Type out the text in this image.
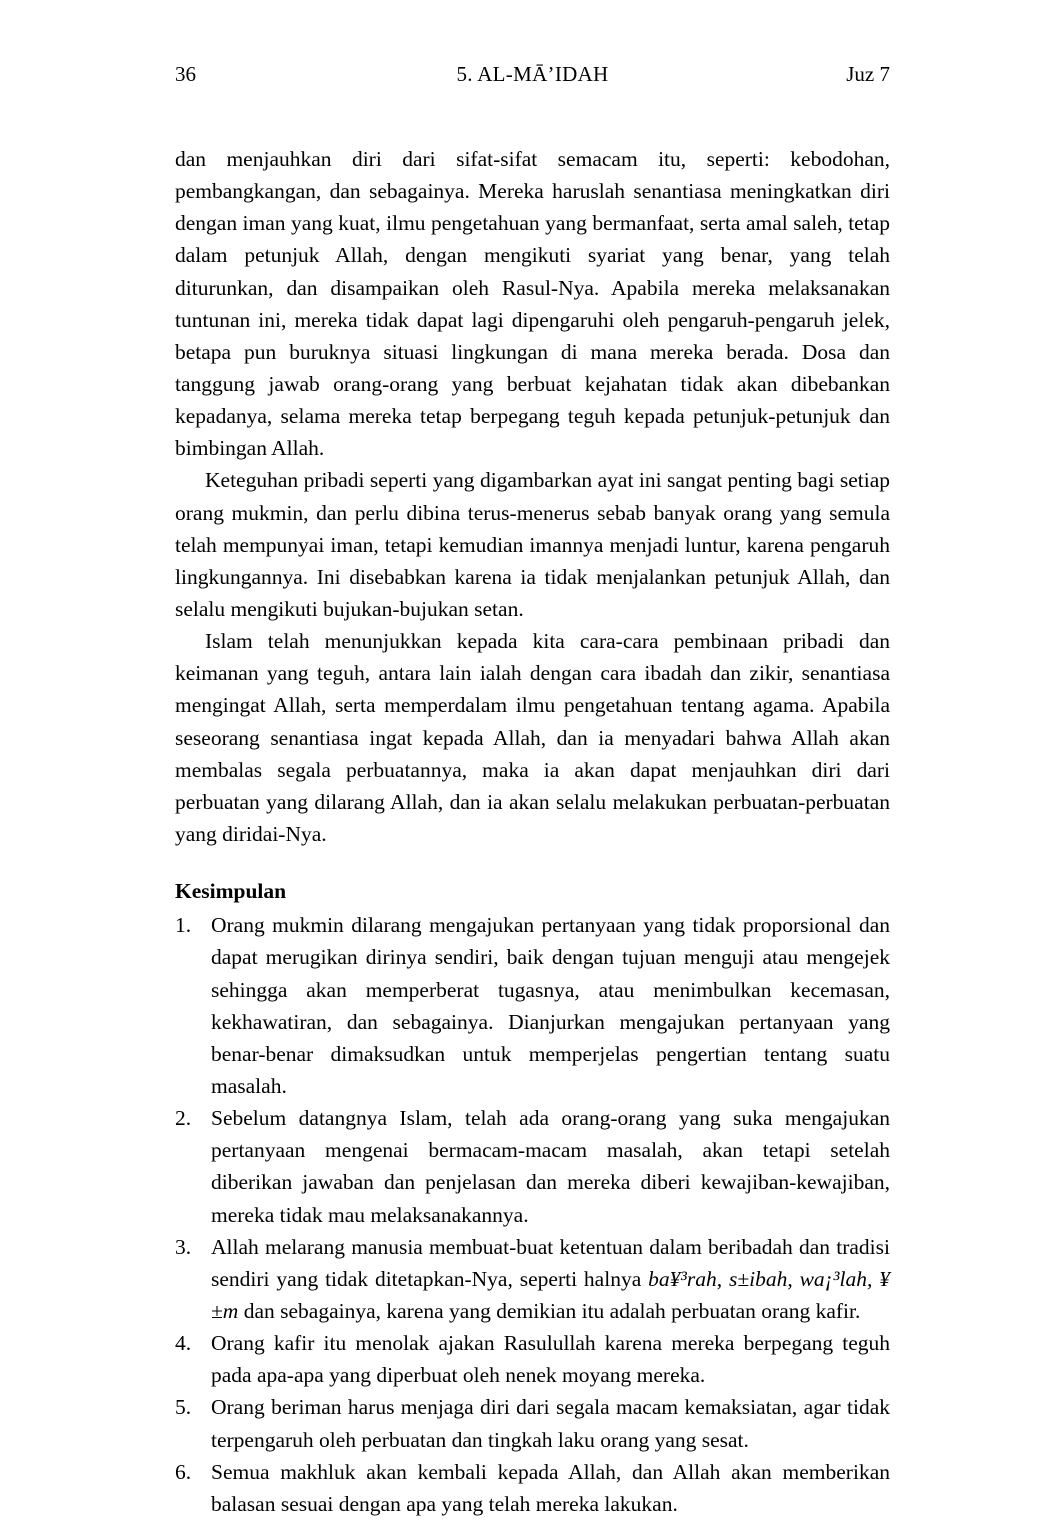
36	5. AL-MĀ’IDAH	Juz 7

dan menjauhkan diri dari sifat-sifat semacam itu, seperti: kebodohan, pembangkangan, dan sebagainya. Mereka haruslah senantiasa meningkatkan diri dengan iman yang kuat, ilmu pengetahuan yang bermanfaat, serta amal saleh, tetap dalam petunjuk Allah, dengan mengikuti syariat yang benar, yang telah diturunkan, dan disampaikan oleh Rasul-Nya. Apabila mereka melaksanakan tuntunan ini, mereka tidak dapat lagi dipengaruhi oleh pengaruh-pengaruh jelek, betapa pun buruknya situasi lingkungan di mana mereka berada. Dosa dan tanggung jawab orang-orang yang berbuat kejahatan tidak akan dibebankan kepadanya, selama mereka tetap berpegang teguh kepada petunjuk-petunjuk dan bimbingan Allah.

Keteguhan pribadi seperti yang digambarkan ayat ini sangat penting bagi setiap orang mukmin, dan perlu dibina terus-menerus sebab banyak orang yang semula telah mempunyai iman, tetapi kemudian imannya menjadi luntur, karena pengaruh lingkungannya. Ini disebabkan karena ia tidak menjalankan petunjuk Allah, dan selalu mengikuti bujukan-bujukan setan.

Islam telah menunjukkan kepada kita cara-cara pembinaan pribadi dan keimanan yang teguh, antara lain ialah dengan cara ibadah dan zikir, senantiasa mengingat Allah, serta memperdalam ilmu pengetahuan tentang agama. Apabila seseorang senantiasa ingat kepada Allah, dan ia menyadari bahwa Allah akan membalas segala perbuatannya, maka ia akan dapat menjauhkan diri dari perbuatan yang dilarang Allah, dan ia akan selalu melakukan perbuatan-perbuatan yang diridai-Nya.

Kesimpulan
1. Orang mukmin dilarang mengajukan pertanyaan yang tidak proporsional dan dapat merugikan dirinya sendiri, baik dengan tujuan menguji atau mengejek sehingga akan memperberat tugasnya, atau menimbulkan kecemasan, kekhawatiran, dan sebagainya. Dianjurkan mengajukan pertanyaan yang benar-benar dimaksudkan untuk memperjelas pengertian tentang suatu masalah.
2. Sebelum datangnya Islam, telah ada orang-orang yang suka mengajukan pertanyaan mengenai bermacam-macam masalah, akan tetapi setelah diberikan jawaban dan penjelasan dan mereka diberi kewajiban-kewajiban, mereka tidak mau melaksanakannya.
3. Allah melarang manusia membuat-buat ketentuan dalam beribadah dan tradisi sendiri yang tidak ditetapkan-Nya, seperti halnya ba¥³rah, s±ibah, wa¡³lah, ¥±m dan sebagainya, karena yang demikian itu adalah perbuatan orang kafir.
4. Orang kafir itu menolak ajakan Rasulullah karena mereka berpegang teguh pada apa-apa yang diperbuat oleh nenek moyang mereka.
5. Orang beriman harus menjaga diri dari segala macam kemaksiatan, agar tidak terpengaruh oleh perbuatan dan tingkah laku orang yang sesat.
6. Semua makhluk akan kembali kepada Allah, dan Allah akan memberikan balasan sesuai dengan apa yang telah mereka lakukan.
